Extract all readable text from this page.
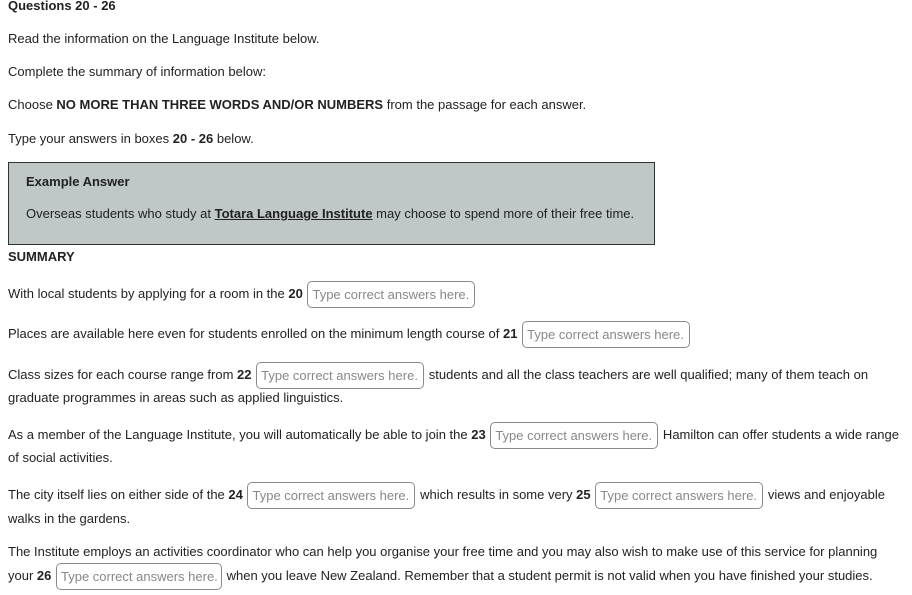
Questions 20 - 26
Read the information on the Language Institute below.
Complete the summary of information below:
Choose NO MORE THAN THREE WORDS AND/OR NUMBERS from the passage for each answer.
Type your answers in boxes 20 - 26 below.
Example Answer
Overseas students who study at Totara Language Institute may choose to spend more of their free time.
SUMMARY
With local students by applying for a room in the 20 Type correct answers here.
Places are available here even for students enrolled on the minimum length course of 21 Type correct answers here.
Class sizes for each course range from 22 Type correct answers here.	students and all the class teachers are well qualified; many of them teach on
graduate programmes in areas such as applied linguistics.
As a member of the Language Institute, you will automatically be able to join the 23 Type correct answers here.	Hamilton can offer students a wide range
of social activities.
The city itself lies on either side of the 24 Type correct answers here.	which results in some very 25 Type correct answers here.	views and enjoyable
walks in the gardens.
The Institute employs an activities coordinator who can help you organise your free time and you may also wish to make use of this service for planning
your 26 Type correct answers here.	when you leave New Zealand. Remember that a student permit is not valid when you have finished your studies.
